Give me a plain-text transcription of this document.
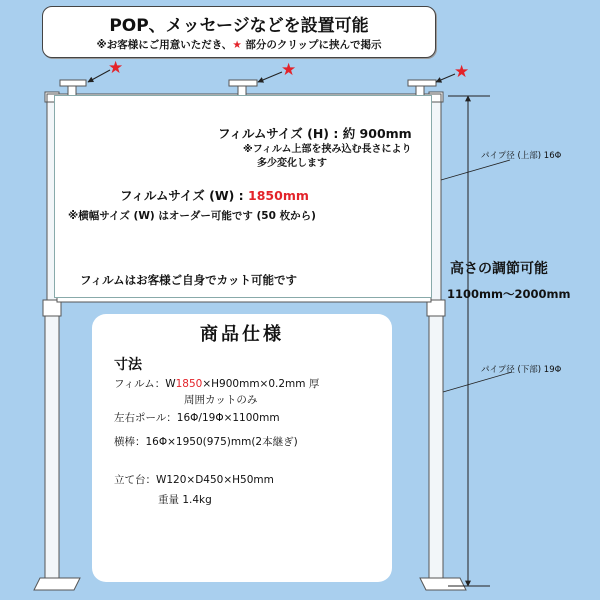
POP、メッセージなどを設置可能
※お客様にご用意いただき、★ 部分のクリップに挟んで掲示
★	★	★
フィルムサイズ (H) : 約 900mm
※フィルム上部を挟み込む長さにより
多少変化します
フィルムサイズ (W) : 1850mm
※横幅サイズ (W) はオーダー可能です (50 枚から)
フィルムはお客様ご自身でカット可能です
パイプ径 (上部) 16Φ
高さの調節可能
1100mm～2000mm
パイプ径 (下部) 19Φ
商品仕様
寸法
フィルム：W1850×H900mm×0.2mm 厚
周囲カットのみ
左右ポール：16Φ/19Φ×1100mm
横棒：16Φ×1950(975)mm(2本継ぎ)
立て台：W120×D450×H50mm
重量 1.4kg
